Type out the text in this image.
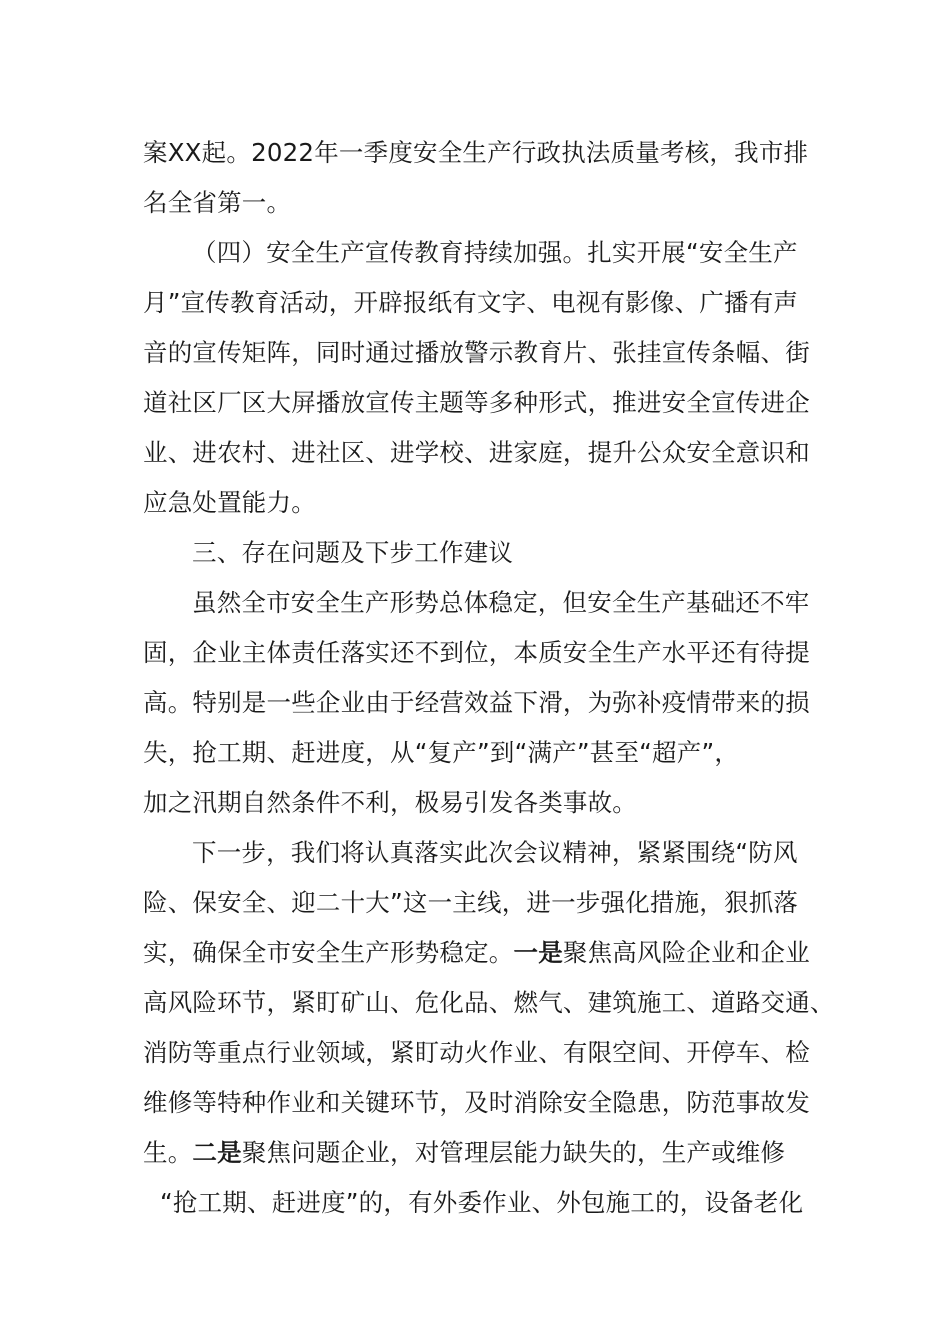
案XX起。2022年一季度安全生产行政执法质量考核，我市排
名全省第一。
（四）安全生产宣传教育持续加强。扎实开展“安全生产
月”宣传教育活动，开辟报纸有文字、电视有影像、广播有声
音的宣传矩阵，同时通过播放警示教育片、张挂宣传条幅、街
道社区厂区大屏播放宣传主题等多种形式，推进安全宣传进企
业、进农村、进社区、进学校、进家庭，提升公众安全意识和
应急处置能力。
三、存在问题及下步工作建议
虽然全市安全生产形势总体稳定，但安全生产基础还不牢
固，企业主体责任落实还不到位，本质安全生产水平还有待提
高。特别是一些企业由于经营效益下滑，为弥补疫情带来的损
失，抢工期、赶进度，从“复产”到“满产”甚至“超产”，
加之汛期自然条件不利，极易引发各类事故。
下一步，我们将认真落实此次会议精神，紧紧围绕“防风
险、保安全、迎二十大”这一主线，进一步强化措施，狠抓落
实，确保全市安全生产形势稳定。一是聚焦高风险企业和企业
高风险环节，紧盯矿山、危化品、燃气、建筑施工、道路交通、
消防等重点行业领域，紧盯动火作业、有限空间、开停车、检
维修等特种作业和关键环节，及时消除安全隐患，防范事故发
生。二是聚焦问题企业，对管理层能力缺失的，生产或维修
“抢工期、赶进度”的，有外委作业、外包施工的，设备老化
